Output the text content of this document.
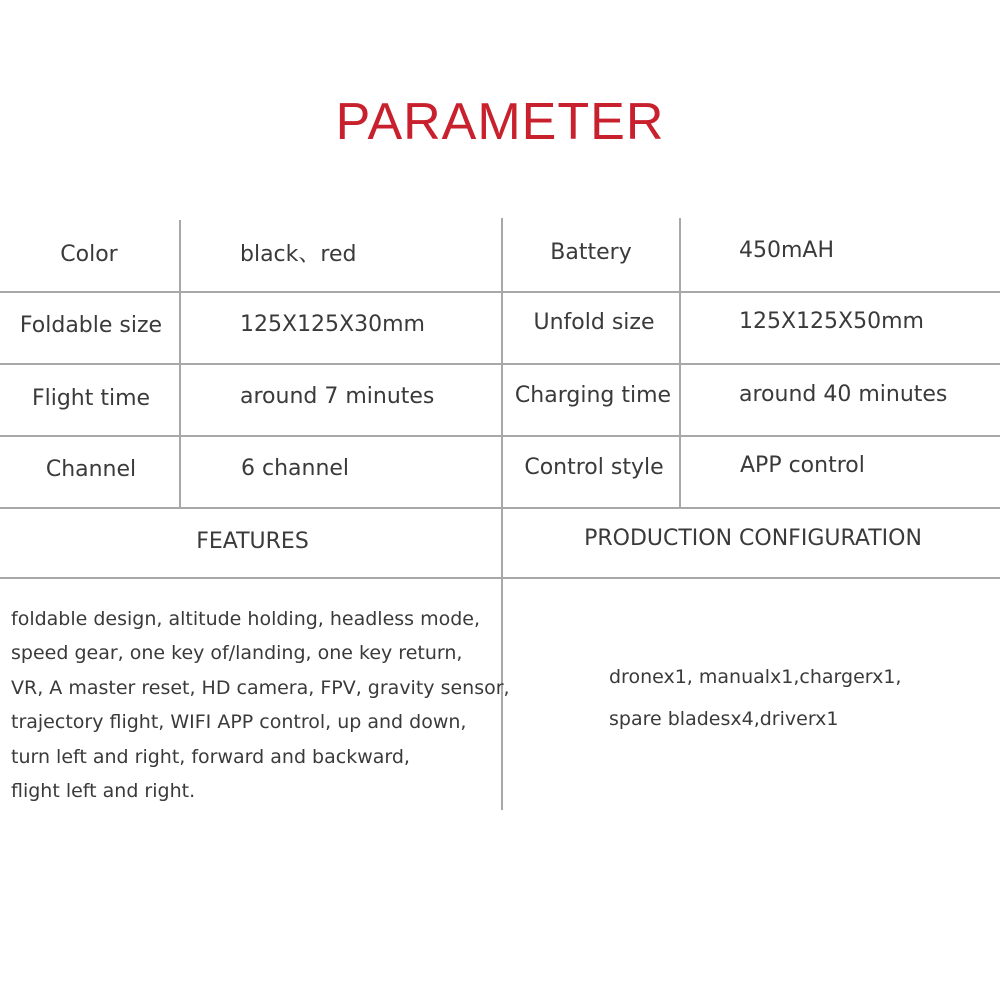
PARAMETER
Color	black、red	Battery	450mAH
Foldable size	125X125X30mm	Unfold size	125X125X50mm
Flight time	around 7 minutes	Charging time	around 40 minutes
Channel	6 channel	Control style	APP control
FEATURES	PRODUCTION CONFIGURATION
foldable design, altitude holding, headless mode,
speed gear, one key of/landing, one key return,
VR, A master reset, HD camera, FPV, gravity sensor,
trajectory flight, WIFI APP control, up and down,
turn left and right, forward and backward,
flight left and right.
dronex1, manualx1,chargerx1,
spare bladesx4,driverx1
